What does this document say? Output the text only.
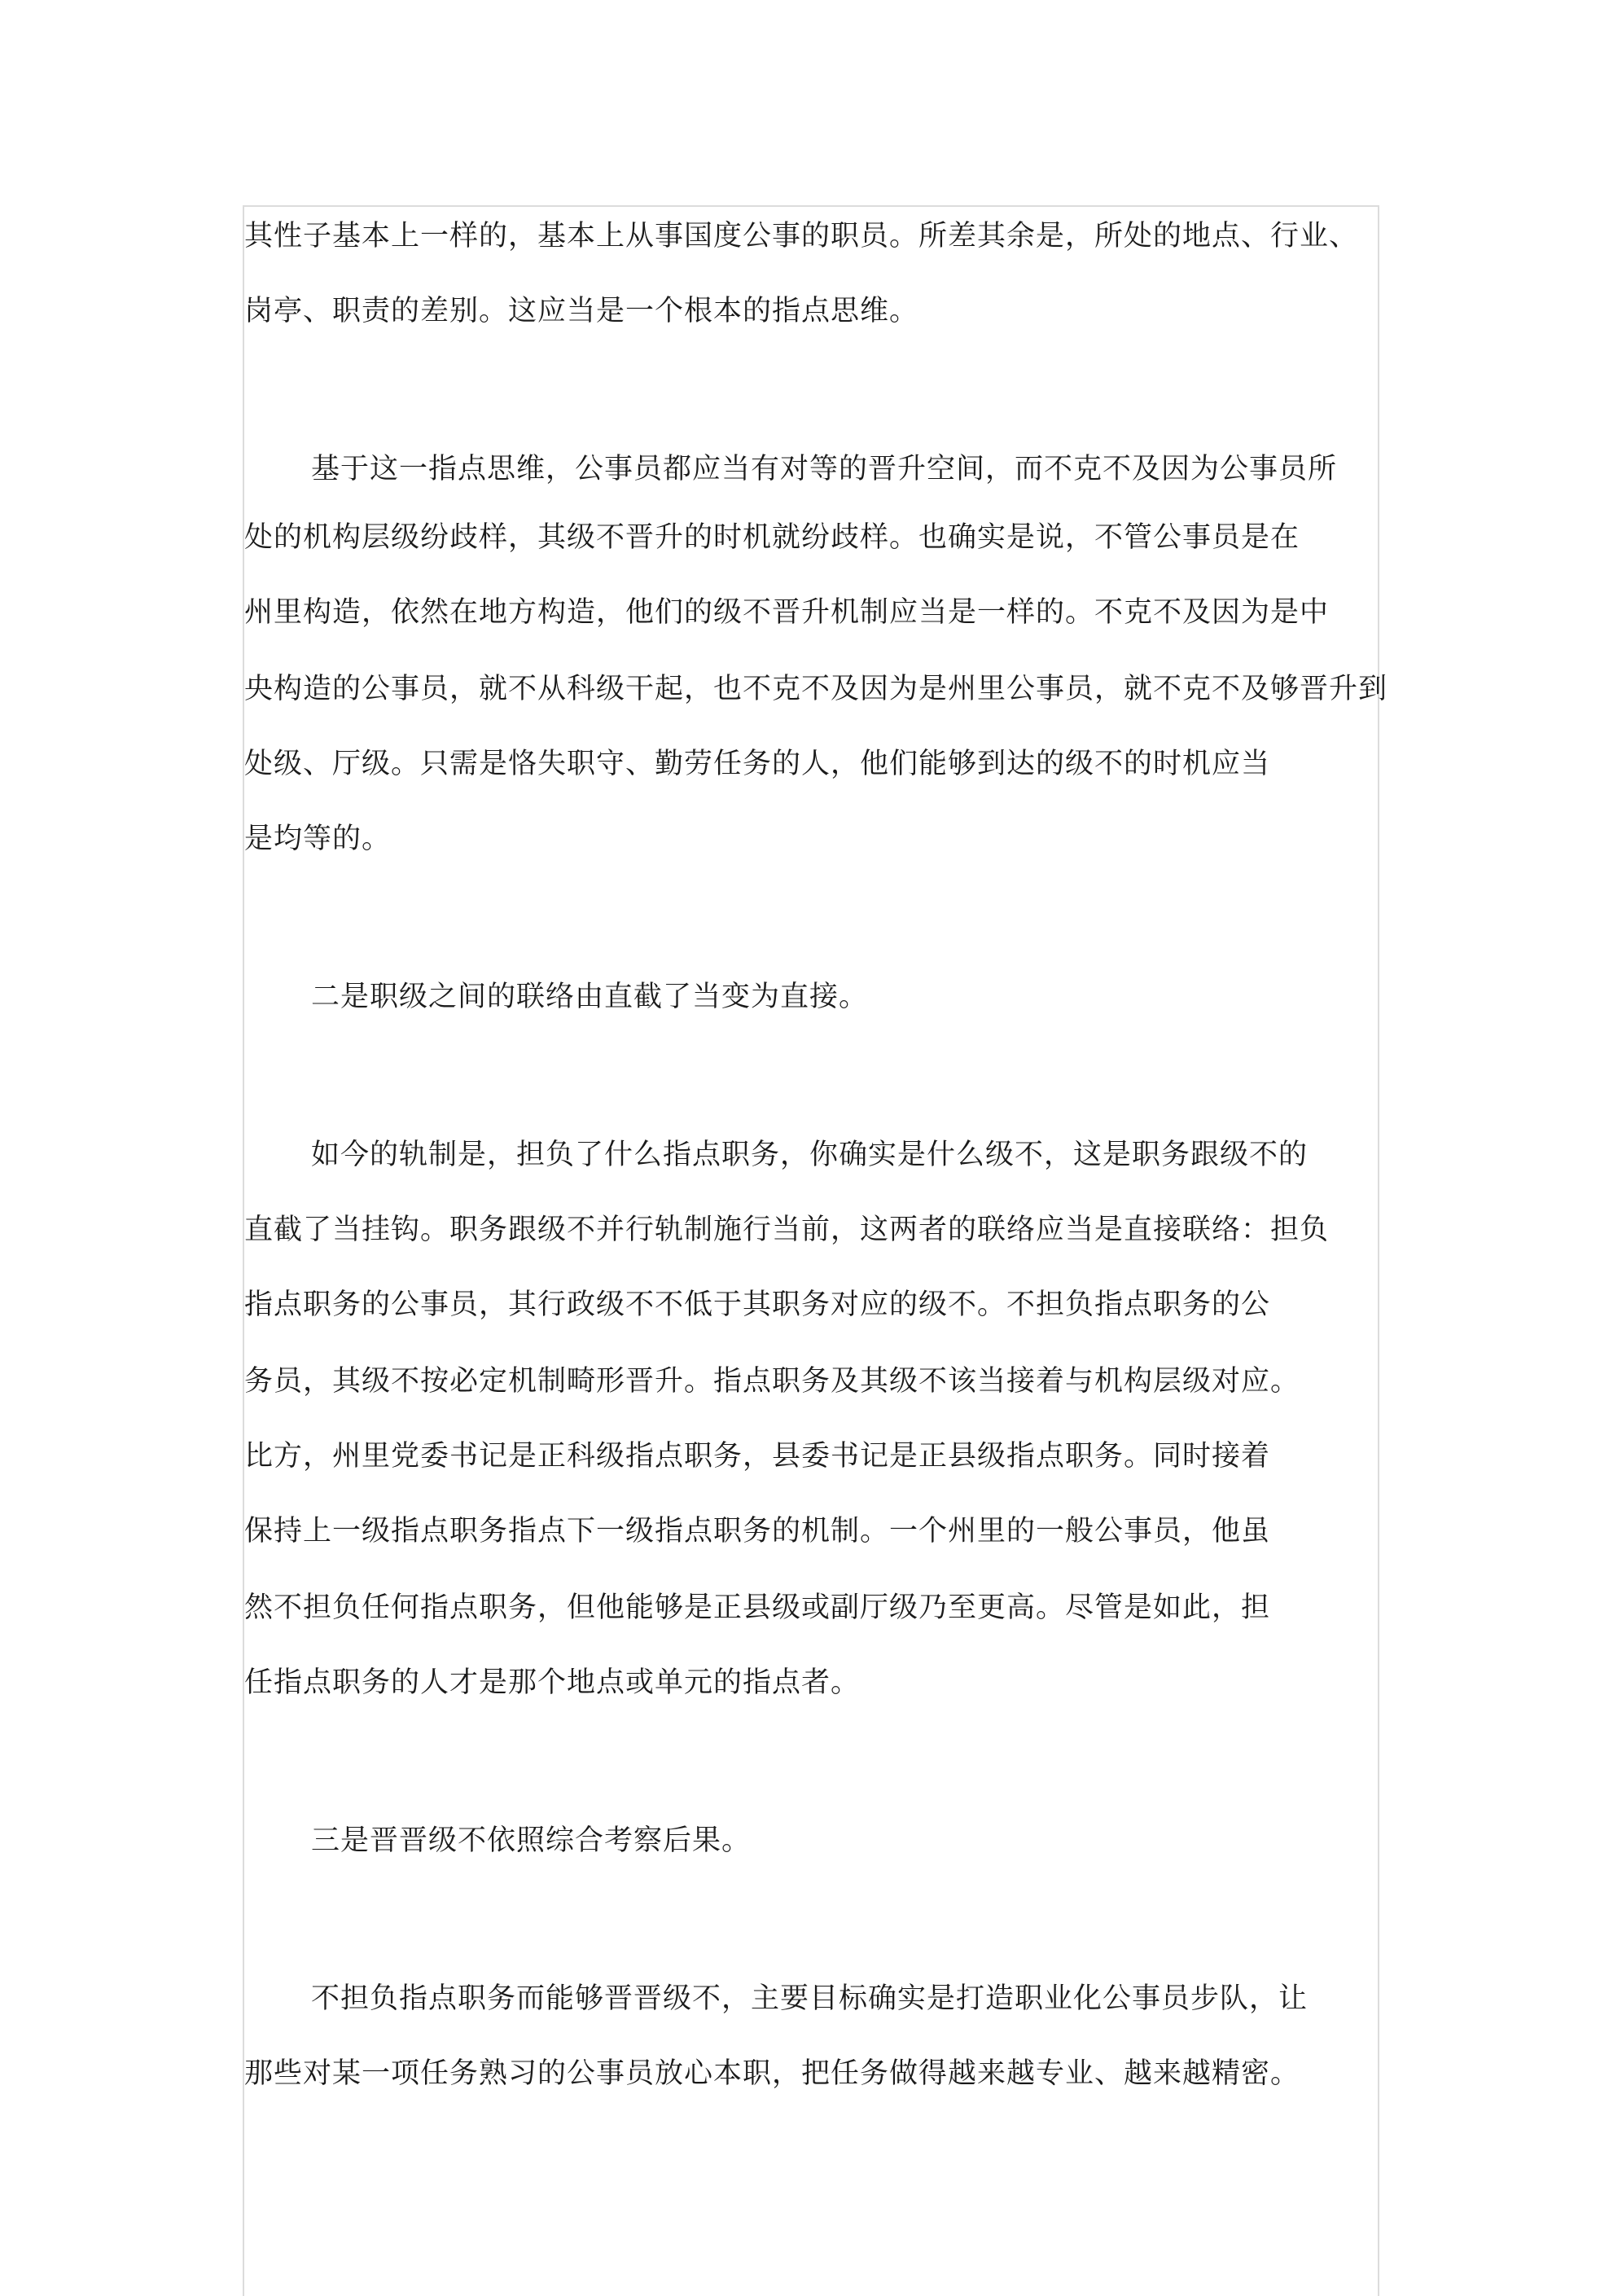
其性子基本上一样的，基本上从事国度公事的职员。所差其余是，所处的地点、行业、
岗亭、职责的差别。这应当是一个根本的指点思维。
基于这一指点思维，公事员都应当有对等的晋升空间，而不克不及因为公事员所
处的机构层级纷歧样，其级不晋升的时机就纷歧样。也确实是说，不管公事员是在
州里构造，依然在地方构造，他们的级不晋升机制应当是一样的。不克不及因为是中
央构造的公事员，就不从科级干起，也不克不及因为是州里公事员，就不克不及够晋升到
处级、厅级。只需是恪失职守、勤劳任务的人，他们能够到达的级不的时机应当
是均等的。
二是职级之间的联络由直截了当变为直接。
如今的轨制是，担负了什么指点职务，你确实是什么级不，这是职务跟级不的
直截了当挂钩。职务跟级不并行轨制施行当前，这两者的联络应当是直接联络：担负
指点职务的公事员，其行政级不不低于其职务对应的级不。不担负指点职务的公
务员，其级不按必定机制畸形晋升。指点职务及其级不该当接着与机构层级对应。
比方，州里党委书记是正科级指点职务，县委书记是正县级指点职务。同时接着
保持上一级指点职务指点下一级指点职务的机制。一个州里的一般公事员，他虽
然不担负任何指点职务，但他能够是正县级或副厅级乃至更高。尽管是如此，担
任指点职务的人才是那个地点或单元的指点者。
三是晋晋级不依照综合考察后果。
不担负指点职务而能够晋晋级不，主要目标确实是打造职业化公事员步队，让
那些对某一项任务熟习的公事员放心本职，把任务做得越来越专业、越来越精密。
